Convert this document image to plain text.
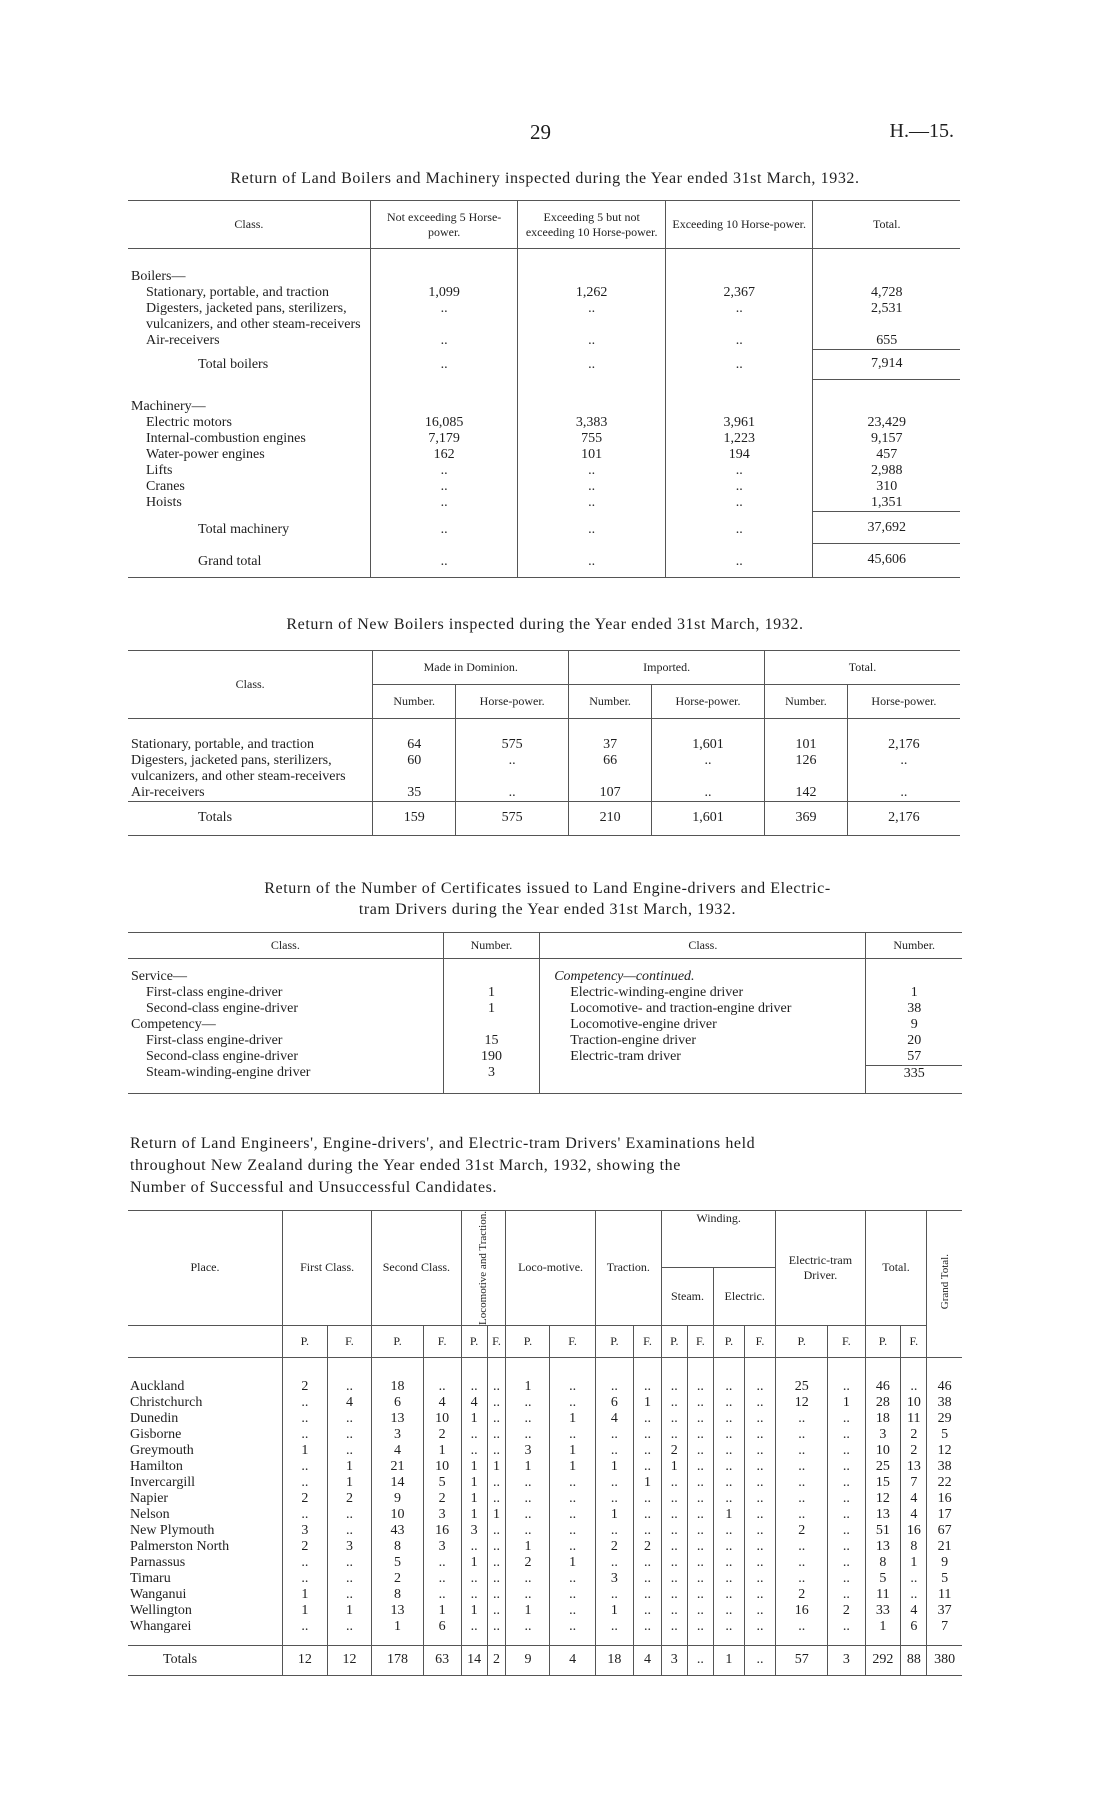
29	H.—15.
Return of Land Boilers and Machinery inspected during the Year ended 31st March, 1932.
Class.	Not exceeding 5 Horse-power.	Exceeding 5 but not exceeding 10 Horse-power.	Exceeding 10 Horse-power.	Total.

Boilers—				
Stationary, portable, and traction	1,099	1,262	2,367	4,728
Digesters, jacketed pans, sterilizers, vulcanizers, and other steam-receivers	..	..	..	2,531
Air-receivers	..	..	..	655
Total boilers	..	..	..	7,914

Machinery—				
Electric motors	16,085	3,383	3,961	23,429
Internal-combustion engines	7,179	755	1,223	9,157
Water-power engines	162	101	194	457
Lifts	..	..	..	2,988
Cranes	..	..	..	310
Hoists	..	..	..	1,351
Total machinery	..	..	..	37,692
Grand total	..	..	..	45,606
Return of New Boilers inspected during the Year ended 31st March, 1932.
Class.	Made in Dominion.		Imported.		Total.	
	Number.	Horse-power.	Number.	Horse-power.	Number.	Horse-power.

Stationary, portable, and traction	64	575	37	1,601	101	2,176
Digesters, jacketed pans, sterilizers, vulcanizers, and other steam-receivers	60	..	66	..	126	..
Air-receivers	35	..	107	..	142	..
Totals	159	575	210	1,601	369	2,176
Return of the Number of Certificates issued to Land Engine-drivers and Electric-
tram Drivers during the Year ended 31st March, 1932.
Class.	Number.	Class.	Number.

Service—		Competency—continued.	
First-class engine-driver	1	Electric-winding-engine driver	1
Second-class engine-driver	1	Locomotive- and traction-engine driver	38
Competency—		Locomotive-engine driver	9
First-class engine-driver	15	Traction-engine driver	20
Second-class engine-driver	190	Electric-tram driver	57
Steam-winding-engine driver	3		335

Return of Land Engineers', Engine-drivers', and Electric-tram Drivers' Examinations held
throughout New Zealand during the Year ended 31st March, 1932, showing the
Number of Successful and Unsuccessful Candidates.
Place.	First Class.		Second Class.		Locomotive and Traction.		Loco-motive.		Traction.		Winding.				Electric-tram Driver.		Total.		Grand Total.
											Steam.		Electric.						
	P.	F.	P.	F.	P.	F.	P.	F.	P.	F.	P.	F.	P.	F.	P.	F.	P.	F.	

Auckland	2	..	18	..	..	..	1	..	..	..	..	..	..	..	25	..	46	..	46
Christchurch	..	4	6	4	4	..	..	..	6	1	..	..	..	..	12	1	28	10	38
Dunedin	..	..	13	10	1	..	..	1	4	..	..	..	..	..	..	..	18	11	29
Gisborne	..	..	3	2	..	..	..	..	..	..	..	..	..	..	..	..	3	2	5
Greymouth	1	..	4	1	..	..	3	1	..	..	2	..	..	..	..	..	10	2	12
Hamilton	..	1	21	10	1	1	1	1	1	..	1	..	..	..	..	..	25	13	38
Invercargill	..	1	14	5	1	..	..	..	..	1	..	..	..	..	..	..	15	7	22
Napier	2	2	9	2	1	..	..	..	..	..	..	..	..	..	..	..	12	4	16
Nelson	..	..	10	3	1	1	..	..	1	..	..	..	1	..	..	..	13	4	17
New Plymouth	3	..	43	16	3	..	..	..	..	..	..	..	..	..	2	..	51	16	67
Palmerston North	2	3	8	3	..	..	1	..	2	2	..	..	..	..	..	..	13	8	21
Parnassus	..	..	5	..	1	..	2	1	..	..	..	..	..	..	..	..	8	1	9
Timaru	..	..	2	..	..	..	..	..	3	..	..	..	..	..	..	..	5	..	5
Wanganui	1	..	8	..	..	..	..	..	..	..	..	..	..	..	2	..	11	..	11
Wellington	1	1	13	1	1	..	1	..	1	..	..	..	..	..	16	2	33	4	37
Whangarei	..	..	1	6	..	..	..	..	..	..	..	..	..	..	..	..	1	6	7

Totals	12	12	178	63	14	2	9	4	18	4	3	..	1	..	57	3	292	88	380
